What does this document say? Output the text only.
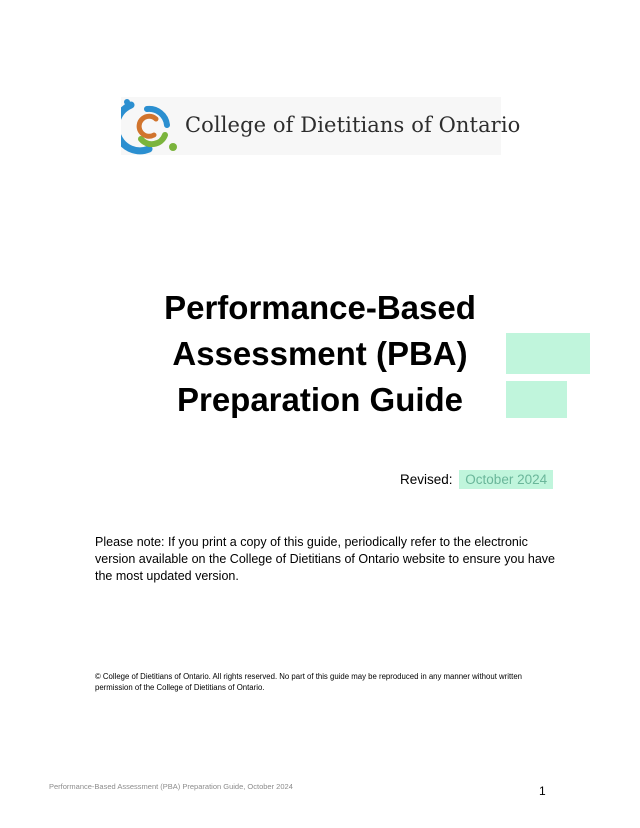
College of Dietitians of Ontario
Performance-Based
Assessment (PBA)
Preparation Guide
Revised: October 2024
Please note: If you print a copy of this guide, periodically refer to the electronic version available on the College of Dietitians of Ontario website to ensure you have the most updated version.
© College of Dietitians of Ontario. All rights reserved. No part of this guide may be reproduced in any manner without written permission of the College of Dietitians of Ontario.
Performance-Based Assessment (PBA) Preparation Guide, October 2024	1
